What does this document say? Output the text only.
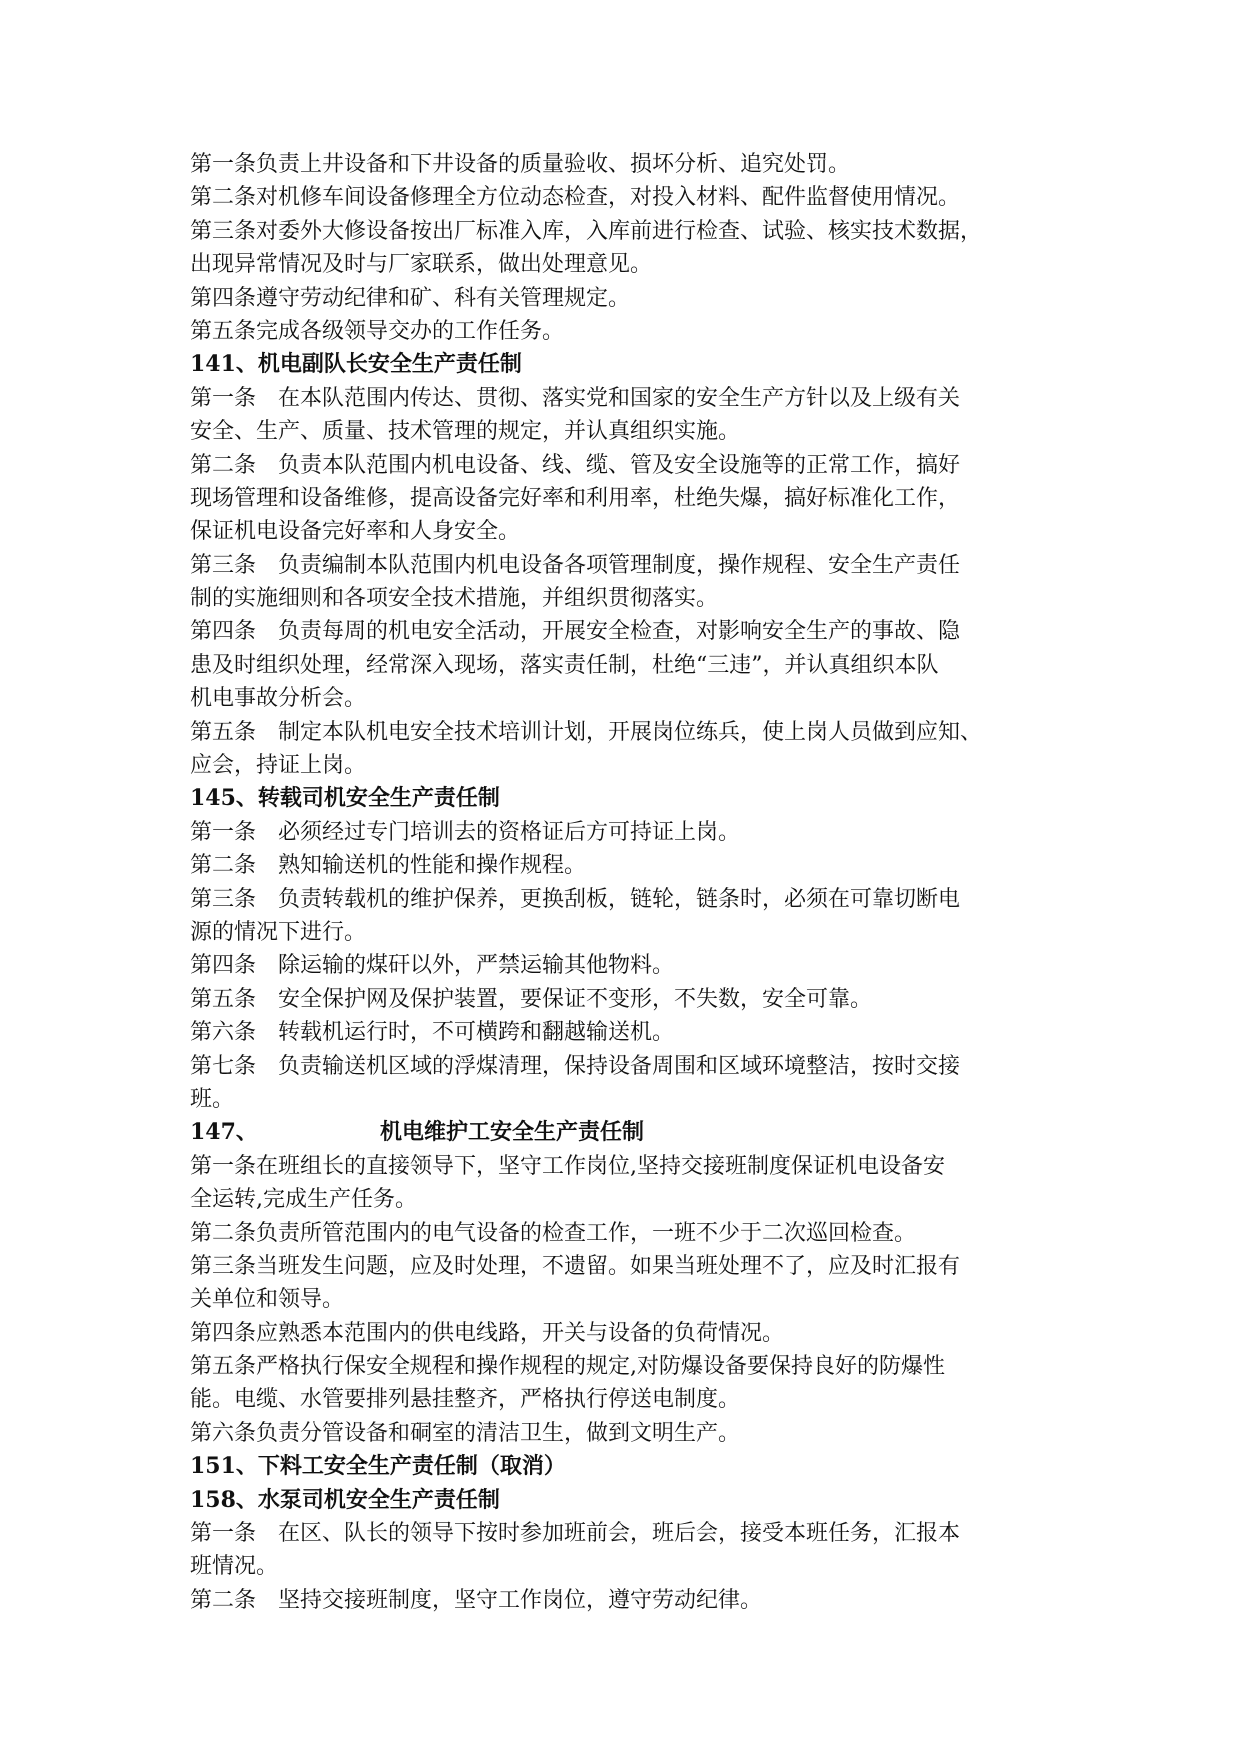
第一条负责上井设备和下井设备的质量验收、损坏分析、追究处罚。
第二条对机修车间设备修理全方位动态检查，对投入材料、配件监督使用情况。
第三条对委外大修设备按出厂标准入库，入库前进行检查、试验、核实技术数据，
出现异常情况及时与厂家联系，做出处理意见。
第四条遵守劳动纪律和矿、科有关管理规定。
第五条完成各级领导交办的工作任务。
141、机电副队长安全生产责任制
第一条　在本队范围内传达、贯彻、落实党和国家的安全生产方针以及上级有关
安全、生产、质量、技术管理的规定，并认真组织实施。
第二条　负责本队范围内机电设备、线、缆、管及安全设施等的正常工作，搞好
现场管理和设备维修，提高设备完好率和利用率，杜绝失爆，搞好标准化工作，
保证机电设备完好率和人身安全。
第三条　负责编制本队范围内机电设备各项管理制度，操作规程、安全生产责任
制的实施细则和各项安全技术措施，并组织贯彻落实。
第四条　负责每周的机电安全活动，开展安全检查，对影响安全生产的事故、隐
患及时组织处理，经常深入现场，落实责任制，杜绝“三违”，并认真组织本队
机电事故分析会。
第五条　制定本队机电安全技术培训计划，开展岗位练兵，使上岗人员做到应知、
应会，持证上岗。
145、转载司机安全生产责任制
第一条　必须经过专门培训去的资格证后方可持证上岗。
第二条　熟知输送机的性能和操作规程。
第三条　负责转载机的维护保养，更换刮板，链轮，链条时，必须在可靠切断电
源的情况下进行。
第四条　除运输的煤矸以外，严禁运输其他物料。
第五条　安全保护网及保护装置，要保证不变形，不失数，安全可靠。
第六条　转载机运行时，不可横跨和翻越输送机。
第七条　负责输送机区域的浮煤清理，保持设备周围和区域环境整洁，按时交接
班。
147、	机电维护工安全生产责任制
第一条在班组长的直接领导下，坚守工作岗位,坚持交接班制度保证机电设备安
全运转,完成生产任务。
第二条负责所管范围内的电气设备的检查工作，一班不少于二次巡回检查。
第三条当班发生问题，应及时处理，不遗留。如果当班处理不了，应及时汇报有
关单位和领导。
第四条应熟悉本范围内的供电线路，开关与设备的负荷情况。
第五条严格执行保安全规程和操作规程的规定,对防爆设备要保持良好的防爆性
能。电缆、水管要排列悬挂整齐，严格执行停送电制度。
第六条负责分管设备和硐室的清洁卫生，做到文明生产。
151、下料工安全生产责任制（取消）
158、水泵司机安全生产责任制
第一条　在区、队长的领导下按时参加班前会，班后会，接受本班任务，汇报本
班情况。
第二条　坚持交接班制度，坚守工作岗位，遵守劳动纪律。
